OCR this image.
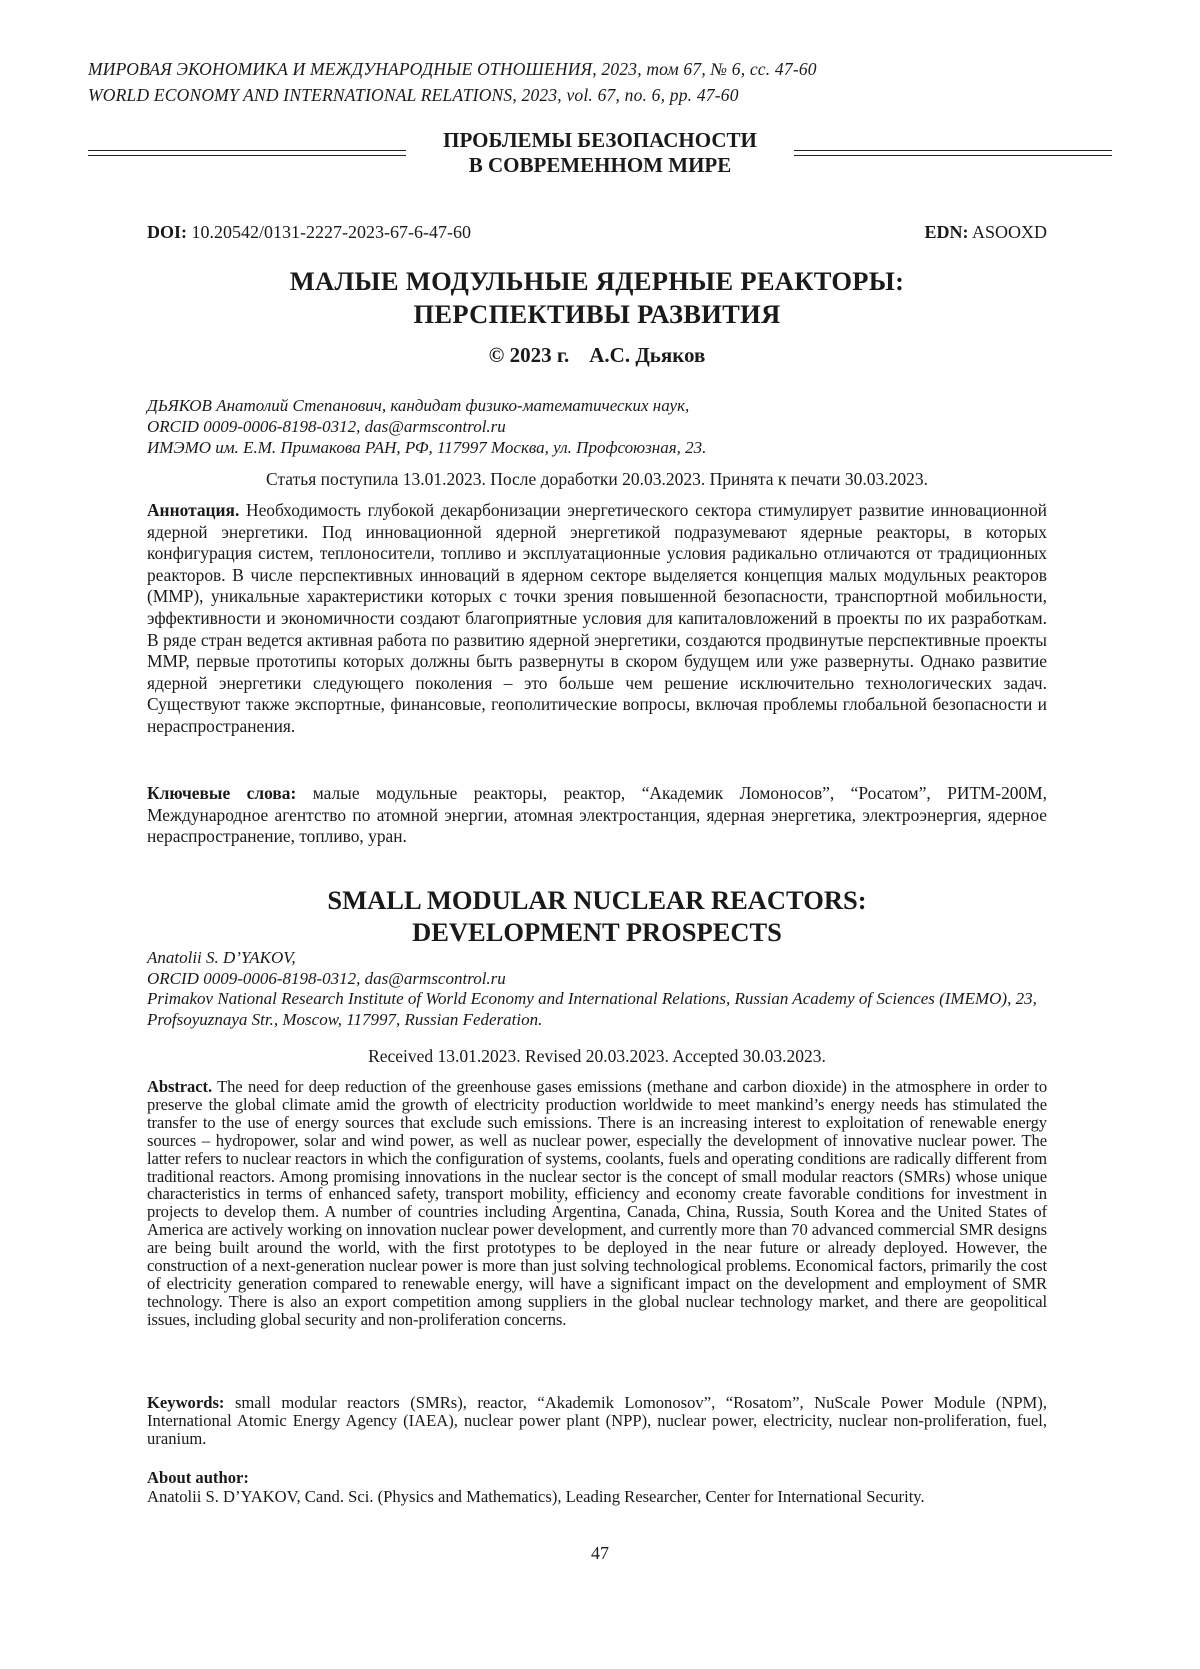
МИРОВАЯ ЭКОНОМИКА И МЕЖДУНАРОДНЫЕ ОТНОШЕНИЯ, 2023, том 67, № 6, сс. 47-60
WORLD ECONOMY AND INTERNATIONAL RELATIONS, 2023, vol. 67, no. 6, pp. 47-60
ПРОБЛЕМЫ БЕЗОПАСНОСТИ
В СОВРЕМЕННОМ МИРЕ
DOI: 10.20542/0131-2227-2023-67-6-47-60	EDN: ASOOXD
МАЛЫЕ МОДУЛЬНЫЕ ЯДЕРНЫЕ РЕАКТОРЫ:
ПЕРСПЕКТИВЫ РАЗВИТИЯ
© 2023 г. А.С. Дьяков
ДЬЯКОВ Анатолий Степанович, кандидат физико-математических наук,
ORCID 0009-0006-8198-0312, das@armscontrol.ru
ИМЭМО им. Е.М. Примакова РАН, РФ, 117997 Москва, ул. Профсоюзная, 23.
Статья поступила 13.01.2023. После доработки 20.03.2023. Принята к печати 30.03.2023.
Аннотация. Необходимость глубокой декарбонизации энергетического сектора стимулирует развитие инновационной ядерной энергетики. Под инновационной ядерной энергетикой подразумевают ядерные реакторы, в которых конфигурация систем, теплоносители, топливо и эксплуатационные условия радикально отличаются от традиционных реакторов. В числе перспективных инноваций в ядерном секторе выделяется концепция малых модульных реакторов (ММР), уникальные характеристики которых с точки зрения повышенной безопасности, транспортной мобильности, эффективности и экономичности создают благоприятные условия для капиталовложений в проекты по их разработкам. В ряде стран ведется активная работа по развитию ядерной энергетики, создаются продвинутые перспективные проекты ММР, первые прототипы которых должны быть развернуты в скором будущем или уже развернуты. Однако развитие ядерной энергетики следующего поколения – это больше чем решение исключительно технологических задач. Существуют также экспортные, финансовые, геополитические вопросы, включая проблемы глобальной безопасности и нераспространения.
Ключевые слова: малые модульные реакторы, реактор, “Академик Ломоносов”, “Росатом”, РИТМ-200М, Международное агентство по атомной энергии, атомная электростанция, ядерная энергетика, электроэнергия, ядерное нераспространение, топливо, уран.
SMALL MODULAR NUCLEAR REACTORS:
DEVELOPMENT PROSPECTS
Anatolii S. D’YAKOV,
ORCID 0009-0006-8198-0312, das@armscontrol.ru
Primakov National Research Institute of World Economy and International Relations, Russian Academy of Sciences (IMEMO), 23, Profsoyuznaya Str., Moscow, 117997, Russian Federation.
Received 13.01.2023. Revised 20.03.2023. Accepted 30.03.2023.
Abstract. The need for deep reduction of the greenhouse gases emissions (methane and carbon dioxide) in the atmosphere in order to preserve the global climate amid the growth of electricity production worldwide to meet mankind’s energy needs has stimulated the transfer to the use of energy sources that exclude such emissions. There is an increasing interest to exploitation of renewable energy sources – hydropower, solar and wind power, as well as nuclear power, especially the development of innovative nuclear power. The latter refers to nuclear reactors in which the configuration of systems, coolants, fuels and operating conditions are radically different from traditional reactors. Among promising innovations in the nuclear sector is the concept of small modular reactors (SMRs) whose unique characteristics in terms of enhanced safety, transport mobility, efficiency and economy create favorable conditions for investment in projects to develop them. A number of countries including Argentina, Canada, China, Russia, South Korea and the United States of America are actively working on innovation nuclear power development, and currently more than 70 advanced commercial SMR designs are being built around the world, with the first prototypes to be deployed in the near future or already deployed. However, the construction of a next-generation nuclear power is more than just solving technological problems. Economical factors, primarily the cost of electricity generation compared to renewable energy, will have a significant impact on the development and employment of SMR technology. There is also an export competition among suppliers in the global nuclear technology market, and there are geopolitical issues, including global security and non-proliferation concerns.
Keywords: small modular reactors (SMRs), reactor, “Akademik Lomonosov”, “Rosatom”, NuScale Power Module (NPM), International Atomic Energy Agency (IAEA), nuclear power plant (NPP), nuclear power, electricity, nuclear non-proliferation, fuel, uranium.
About author:
Anatolii S. D’YAKOV, Cand. Sci. (Physics and Mathematics), Leading Researcher, Center for International Security.
47
